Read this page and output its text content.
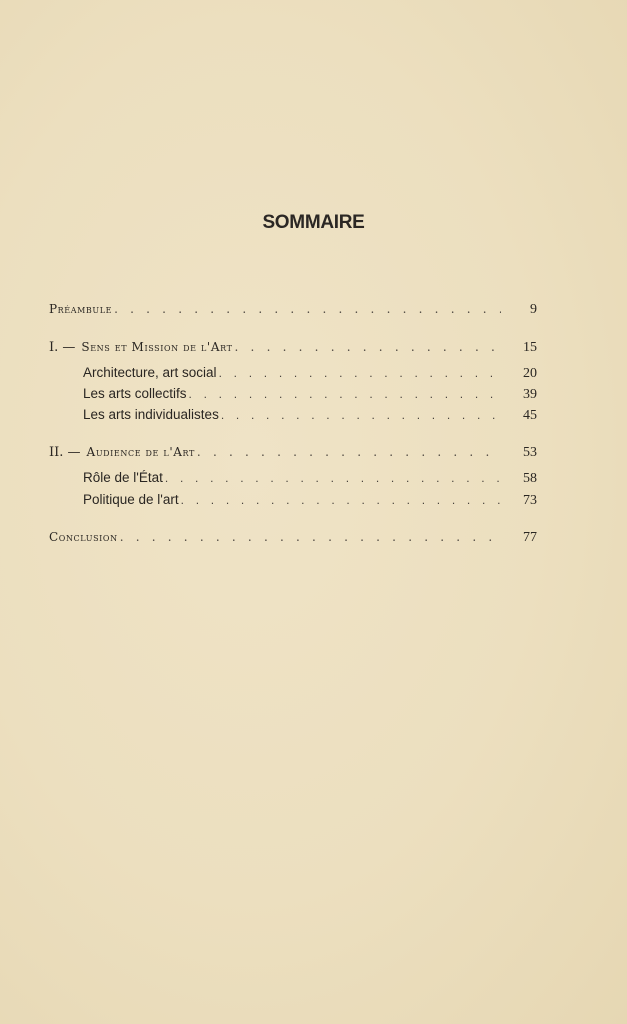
SOMMAIRE
Préambule . . .	9
I. — Sens et Mission de l'Art . . .	15
Architecture, art social . . .	20
Les arts collectifs . . .	39
Les arts individualistes . . .	45
II. — Audience de l'Art . . .	53
Rôle de l'État . . .	58
Politique de l'art . . .	73
Conclusion . . .	77
